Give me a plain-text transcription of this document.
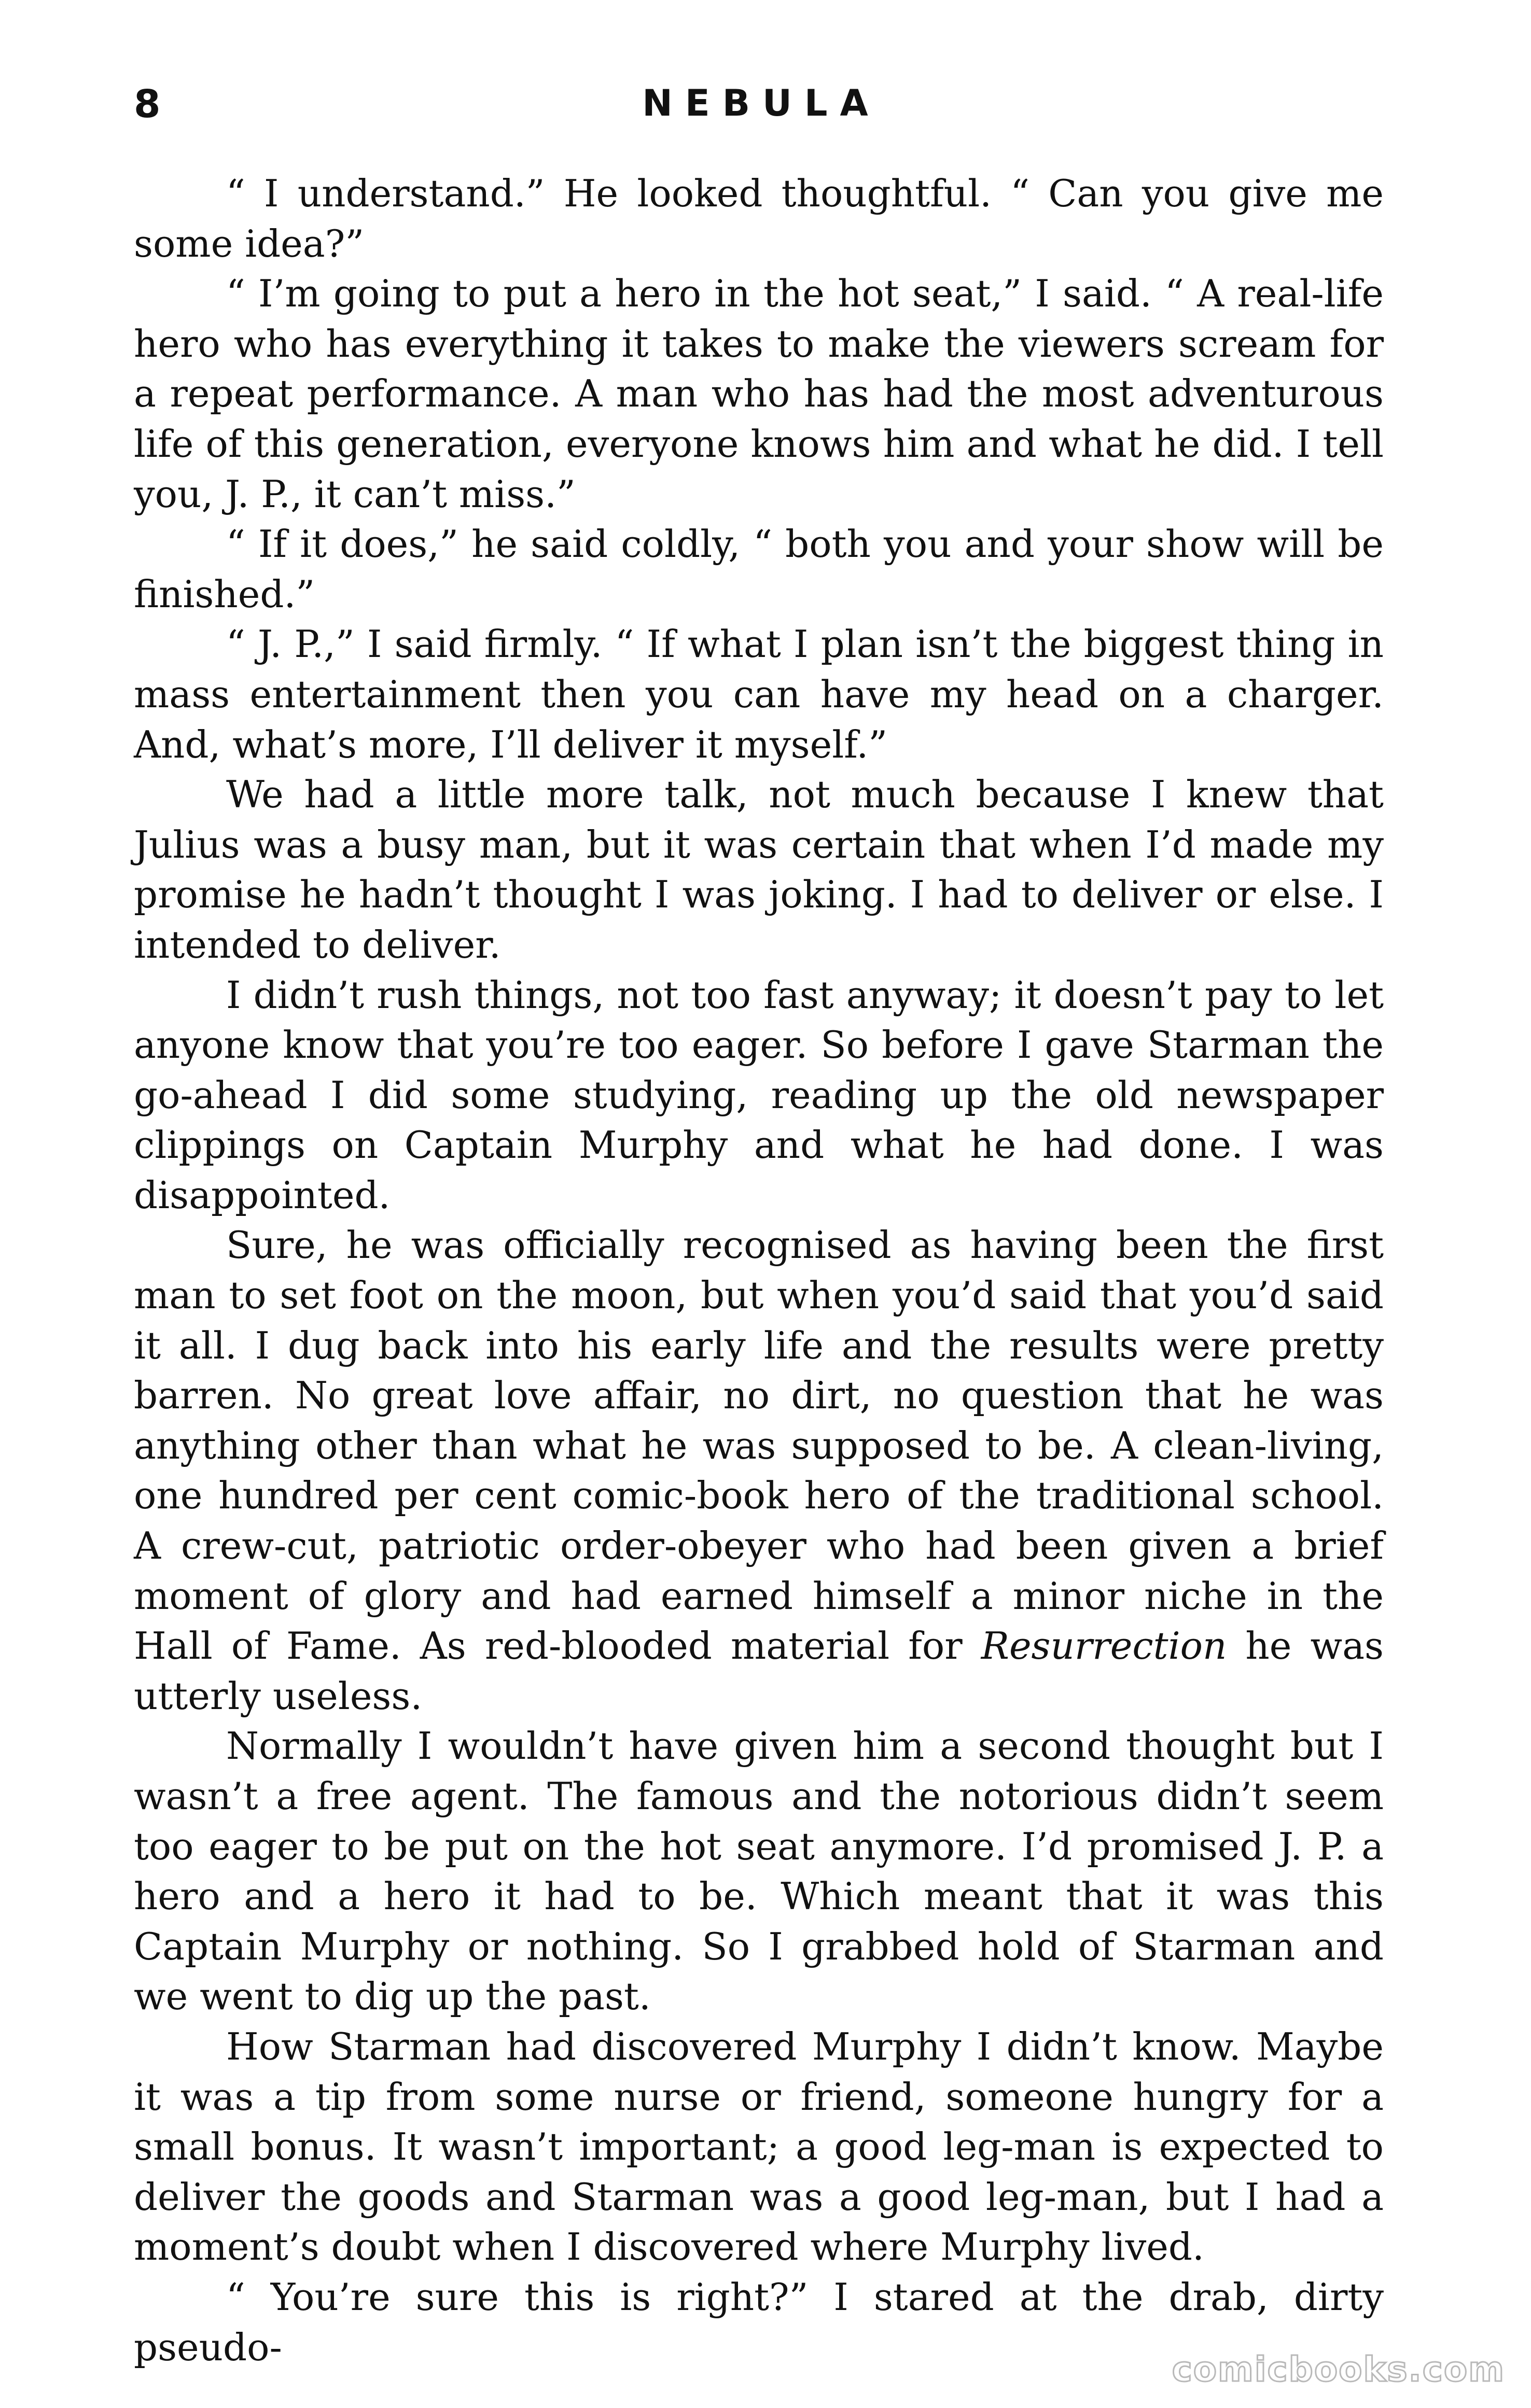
8	NEBULA

“ I understand.” He looked thoughtful. “ Can you give me some idea?”

“ I’m going to put a hero in the hot seat,” I said. “ A real-life hero who has everything it takes to make the viewers scream for a repeat performance. A man who has had the most adventurous life of this generation, everyone knows him and what he did. I tell you, J. P., it can’t miss.”

“ If it does,” he said coldly, “ both you and your show will be finished.”

“ J. P.,” I said firmly. “ If what I plan isn’t the biggest thing in mass entertainment then you can have my head on a charger. And, what’s more, I’ll deliver it myself.”

We had a little more talk, not much because I knew that Julius was a busy man, but it was certain that when I’d made my promise he hadn’t thought I was joking. I had to deliver or else. I intended to deliver.

I didn’t rush things, not too fast anyway; it doesn’t pay to let anyone know that you’re too eager. So before I gave Starman the go-ahead I did some studying, reading up the old newspaper clippings on Captain Murphy and what he had done. I was disappointed.

Sure, he was officially recognised as having been the first man to set foot on the moon, but when you’d said that you’d said it all. I dug back into his early life and the results were pretty barren. No great love affair, no dirt, no question that he was anything other than what he was supposed to be. A clean-living, one hundred per cent comic-book hero of the traditional school. A crew-cut, patriotic order-obeyer who had been given a brief moment of glory and had earned himself a minor niche in the Hall of Fame. As red-blooded material for Resurrection he was utterly useless.

Normally I wouldn’t have given him a second thought but I wasn’t a free agent. The famous and the notorious didn’t seem too eager to be put on the hot seat anymore. I’d promised J. P. a hero and a hero it had to be. Which meant that it was this Captain Murphy or nothing. So I grabbed hold of Starman and we went to dig up the past.

How Starman had discovered Murphy I didn’t know. Maybe it was a tip from some nurse or friend, someone hungry for a small bonus. It wasn’t important; a good leg-man is expected to deliver the goods and Starman was a good leg-man, but I had a moment’s doubt when I discovered where Murphy lived.

“ You’re sure this is right?” I stared at the drab, dirty pseudo-

comicbooks.com
